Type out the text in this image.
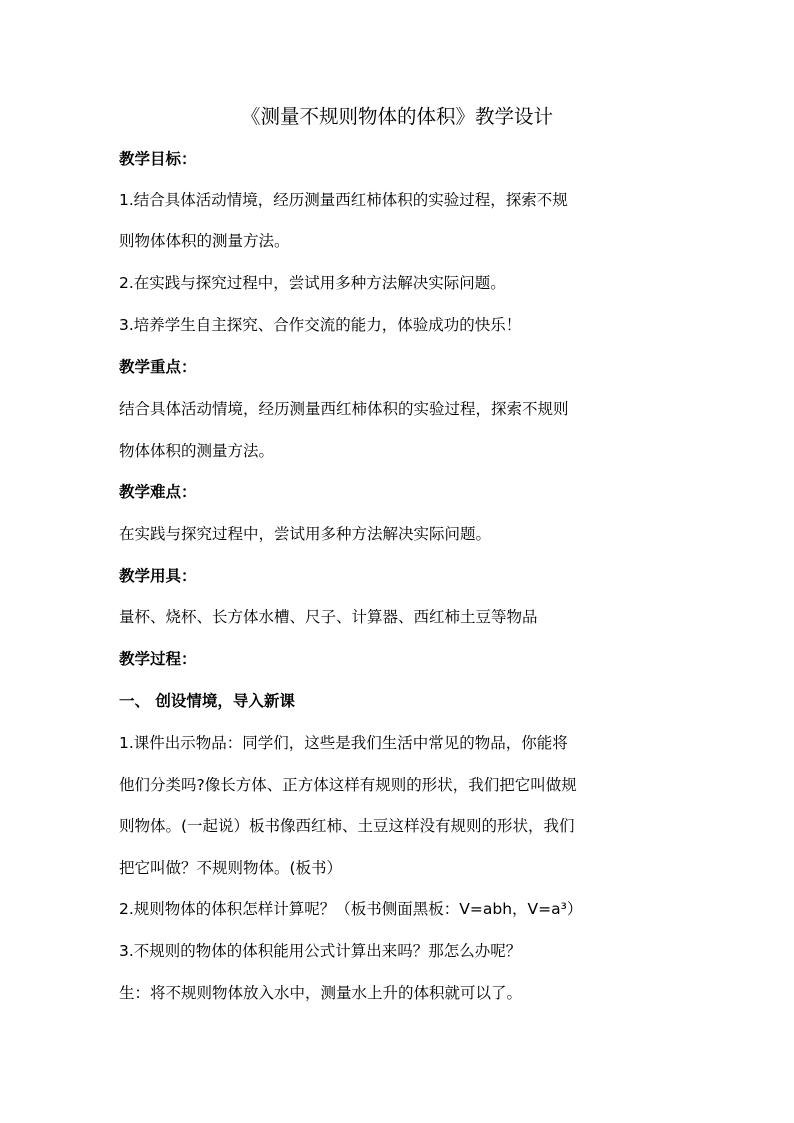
《测量不规则物体的体积》教学设计
教学目标：
1.结合具体活动情境，经历测量西红柿体积的实验过程，探索不规
则物体体积的测量方法。
2.在实践与探究过程中，尝试用多种方法解决实际问题。
3.培养学生自主探究、合作交流的能力，体验成功的快乐！
教学重点：
结合具体活动情境，经历测量西红柿体积的实验过程，探索不规则
物体体积的测量方法。
教学难点：
在实践与探究过程中，尝试用多种方法解决实际问题。
教学用具：
量杯、烧杯、长方体水槽、尺子、计算器、西红柿土豆等物品
教学过程：
一、 创设情境，导入新课
1.课件出示物品：同学们，这些是我们生活中常见的物品，你能将
他们分类吗?像长方体、正方体这样有规则的形状，我们把它叫做规
则物体。(一起说）板书像西红柿、土豆这样没有规则的形状，我们
把它叫做？不规则物体。(板书）
2.规则物体的体积怎样计算呢？（板书侧面黑板：V=abh，V=a³）
3.不规则的物体的体积能用公式计算出来吗？那怎么办呢？
生：将不规则物体放入水中，测量水上升的体积就可以了。
